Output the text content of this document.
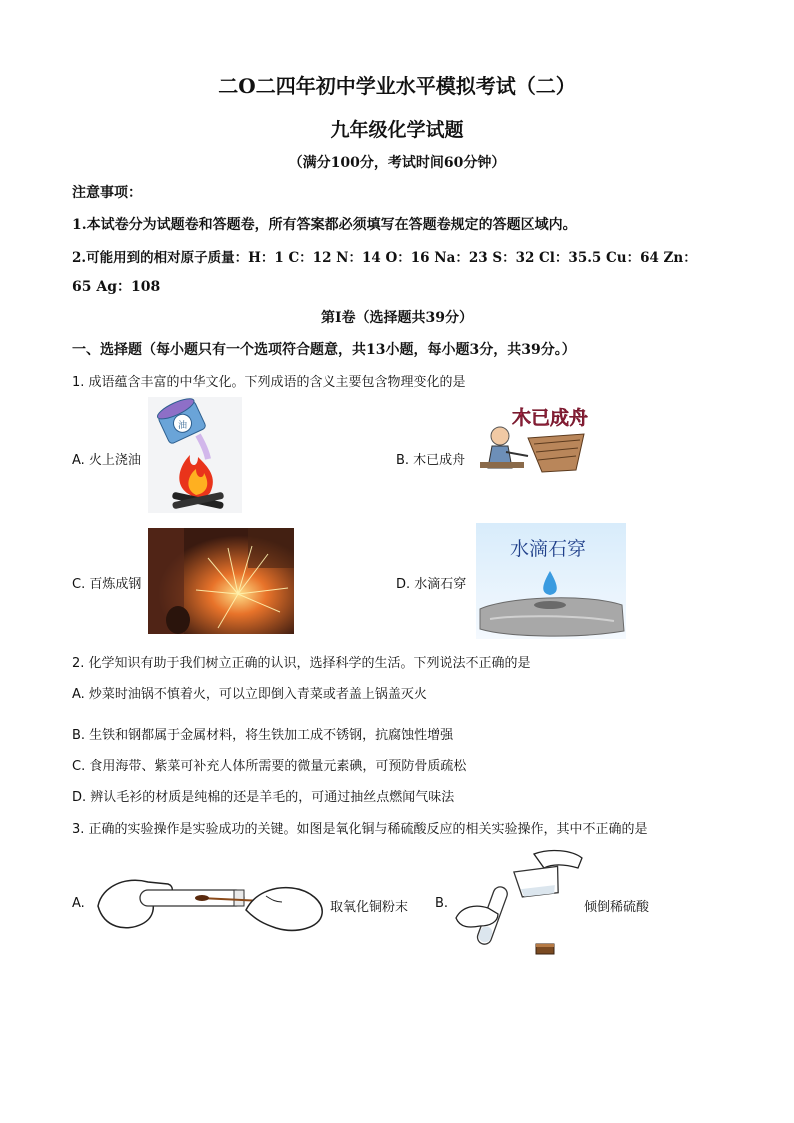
二O二四年初中学业水平模拟考试（二）
九年级化学试题
（满分100分，考试时间60分钟）
注意事项：
1.本试卷分为试题卷和答题卷，所有答案都必须填写在答题卷规定的答题区域内。
2.可能用到的相对原子质量：H：1 C：12 N：14 O：16 Na：23 S：32 Cl：35.5 Cu：64 Zn：
65 Ag：108
第Ⅰ卷（选择题共39分）
一、选择题（每小题只有一个选项符合题意，共13小题，每小题3分，共39分。）
1. 成语蕴含丰富的中华文化。下列成语的含义主要包含物理变化的是
A. 火上浇油
油
B. 木已成舟
木已成舟
C. 百炼成钢	D. 水滴石穿
水滴石穿
2. 化学知识有助于我们树立正确的认识，选择科学的生活。下列说法不正确的是
A. 炒菜时油锅不慎着火，可以立即倒入青菜或者盖上锅盖灭火
B. 生铁和钢都属于金属材料，将生铁加工成不锈钢，抗腐蚀性增强
C. 食用海带、紫菜可补充人体所需要的微量元素碘，可预防骨质疏松
D. 辨认毛衫的材质是纯棉的还是羊毛的，可通过抽丝点燃闻气味法
3. 正确的实验操作是实验成功的关键。如图是氧化铜与稀硫酸反应的相关实验操作，其中不正确的是
A.	取氧化铜粉末 B.	倾倒稀硫酸
